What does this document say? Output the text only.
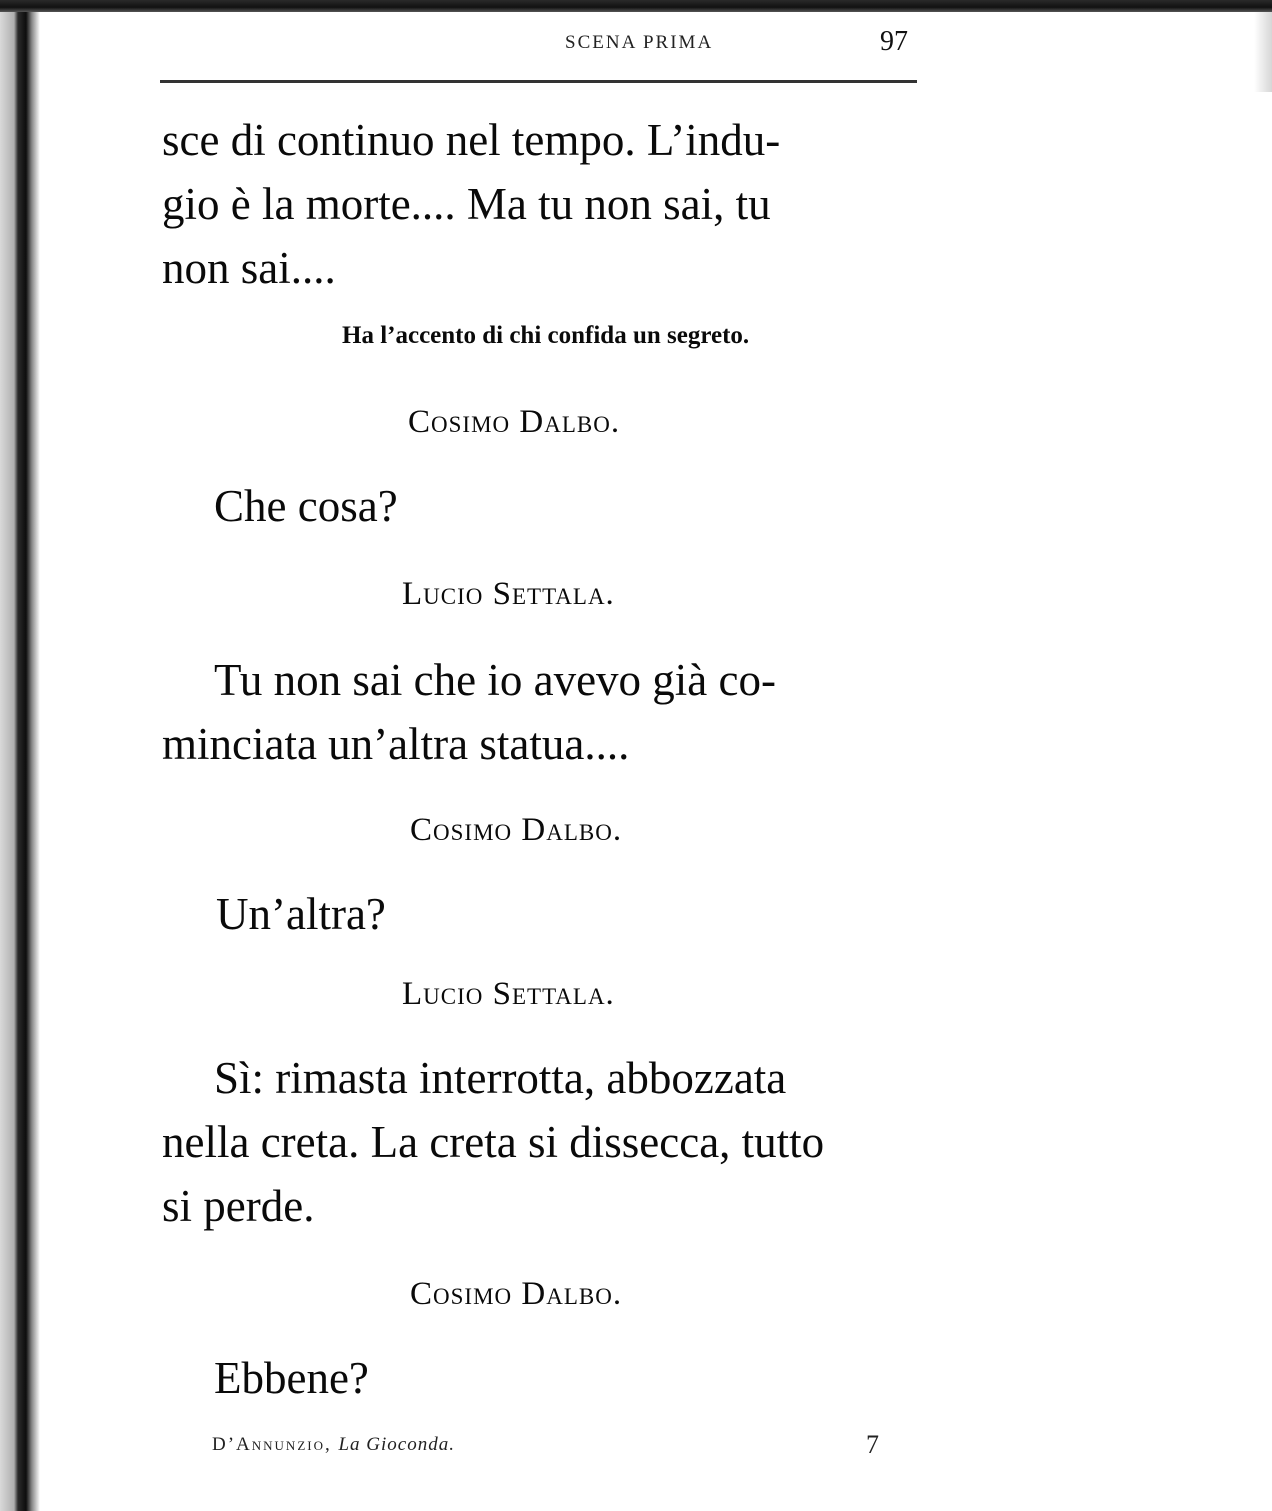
SCENA PRIMA	97
sce di continuo nel tempo. L’indu-
gio è la morte.... Ma tu non sai, tu
non sai....
Ha l’accento di chi confida un segreto.
Cosimo Dalbo.
Che cosa?
Lucio Settala.
Tu non sai che io avevo già co-
minciata un’altra statua....
Cosimo Dalbo.
Un’altra?
Lucio Settala.
Sì: rimasta interrotta, abbozzata
nella creta. La creta si dissecca, tutto
si perde.
Cosimo Dalbo.
Ebbene?
D’Annunzio, La Gioconda.	7
